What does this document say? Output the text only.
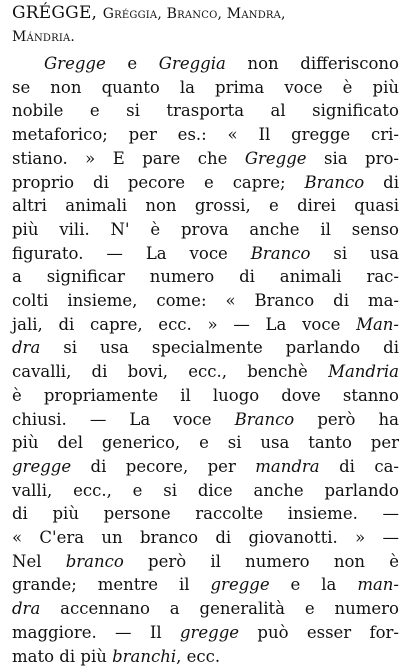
GRÉGGE, Gréggia, Branco, Mandra,
Mándria.
Gregge e Greggia non differiscono
se non quanto la prima voce è più
nobile e si trasporta al significato
metaforico; per es.: « Il gregge cri-
stiano. » E pare che Gregge sia pro-
proprio di pecore e capre; Branco di
altri animali non grossi, e direi quasi
più vili. N' è prova anche il senso
figurato. — La voce Branco si usa
a significar numero di animali rac-
colti insieme, come: « Branco di ma-
jali, di capre, ecc. » — La voce Man-
dra si usa specialmente parlando di
cavalli, di bovi, ecc., benchè Mandria
è propriamente il luogo dove stanno
chiusi. — La voce Branco però ha
più del generico, e si usa tanto per
gregge di pecore, per mandra di ca-
valli, ecc., e si dice anche parlando
di più persone raccolte insieme. —
« C'era un branco di giovanotti. » —
Nel branco però il numero non è
grande; mentre il gregge e la man-
dra accennano a generalità e numero
maggiore. — Il gregge può esser for-
mato di più branchi, ecc.
